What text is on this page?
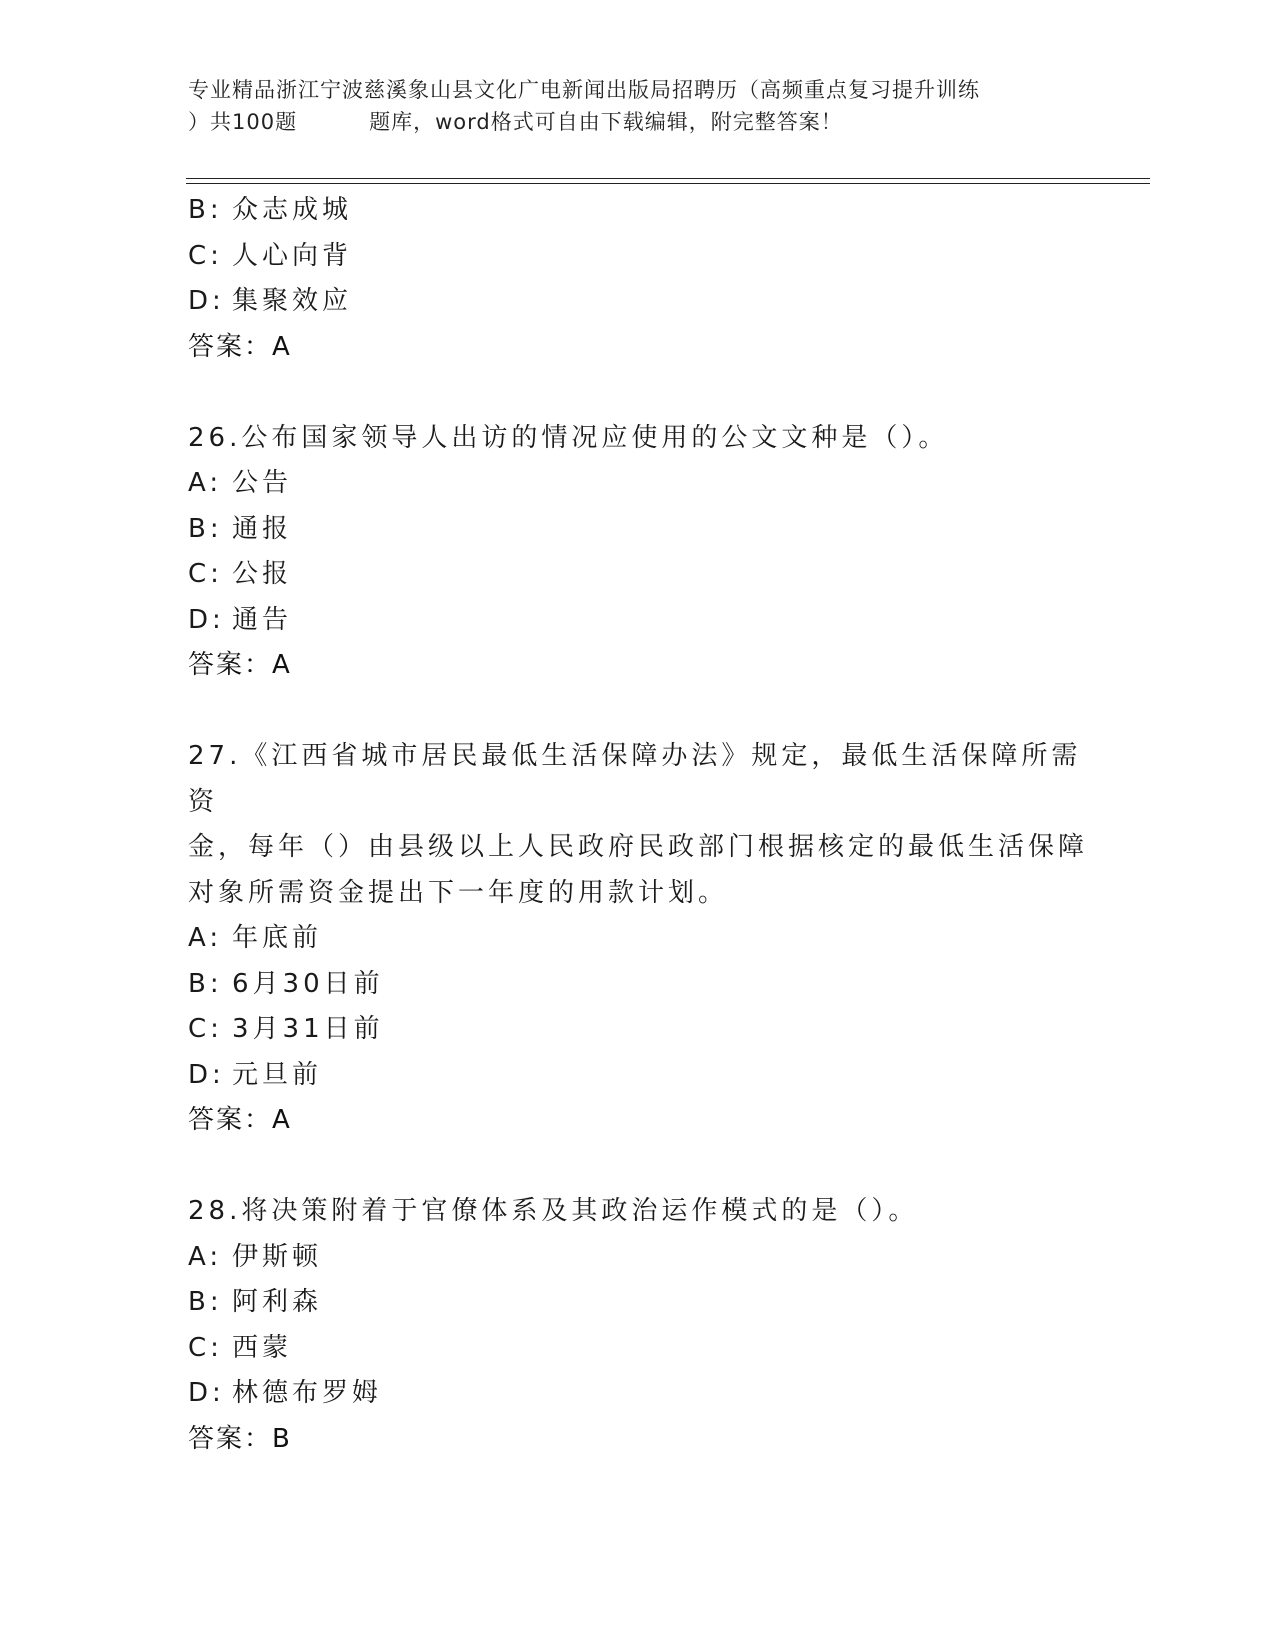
专业精品浙江宁波慈溪象山县文化广电新闻出版局招聘历（高频重点复习提升训练
）共100题	题库，word格式可自由下载编辑，附完整答案！
B: 众志成城
C: 人心向背
D: 集聚效应
答案：A
26.公布国家领导人出访的情况应使用的公文文种是（）。
A: 公告
B: 通报
C: 公报
D: 通告
答案：A
27.《江西省城市居民最低生活保障办法》规定，最低生活保障所需资
金，每年（）由县级以上人民政府民政部门根据核定的最低生活保障
对象所需资金提出下一年度的用款计划。
A: 年底前
B: 6月30日前
C: 3月31日前
D: 元旦前
答案：A
28.将决策附着于官僚体系及其政治运作模式的是（）。
A: 伊斯顿
B: 阿利森
C: 西蒙
D: 林德布罗姆
答案：B
